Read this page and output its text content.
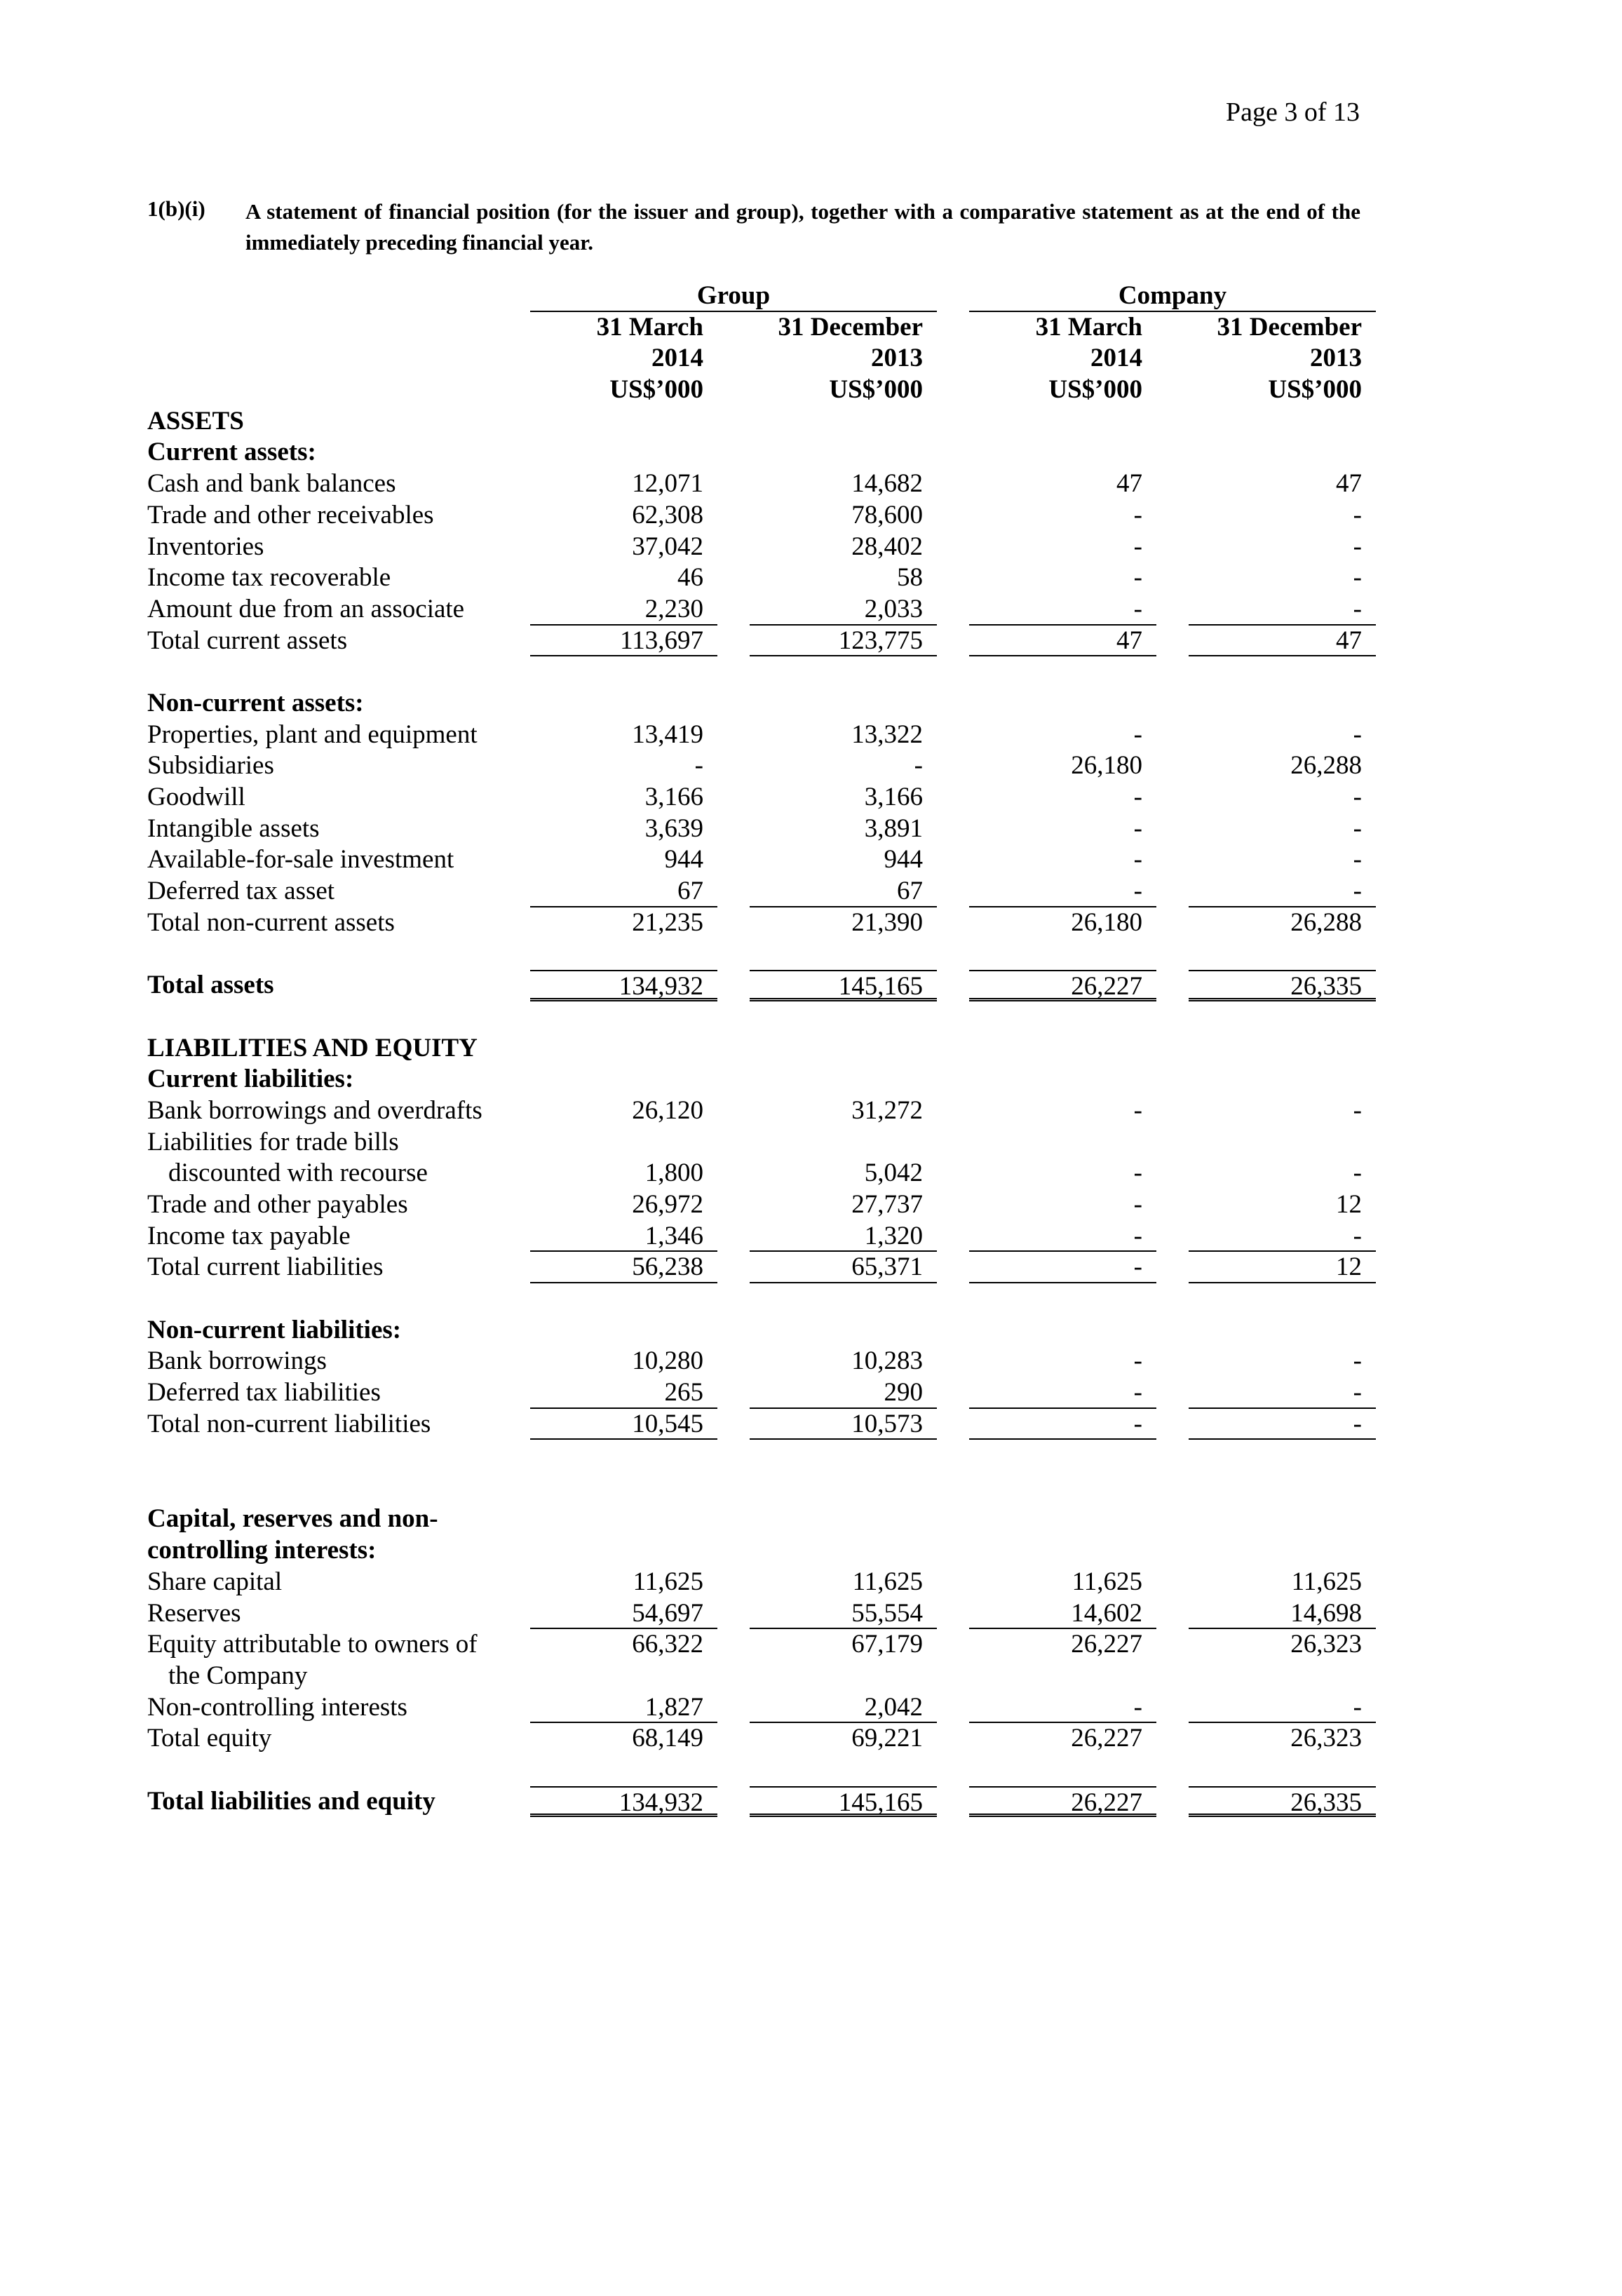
Page 3 of 13
1(b)(i) A statement of financial position (for the issuer and group), together with a comparative statement as at the end of the immediately preceding financial year.
Group	Company
31 March	31 December	31 March	31 December
2014	2013	2014	2013
US$’000	US$’000	US$’000	US$’000
ASSETS
Current assets:
Cash and bank balances	12,071	14,682	47	47
Trade and other receivables	62,308	78,600	-	-
Inventories	37,042	28,402	-	-
Income tax recoverable	46	58	-	-
Amount due from an associate	2,230	2,033	-	-
Total current assets	113,697	123,775	47	47
Non-current assets:
Properties, plant and equipment	13,419	13,322	-	-
Subsidiaries	-	-	26,180	26,288
Goodwill	3,166	3,166	-	-
Intangible assets	3,639	3,891	-	-
Available-for-sale investment	944	944	-	-
Deferred tax asset	67	67	-	-
Total non-current assets	21,235	21,390	26,180	26,288
Total assets	134,932	145,165	26,227	26,335
LIABILITIES AND EQUITY
Current liabilities:
Bank borrowings and overdrafts	26,120	31,272	-	-
Liabilities for trade bills
discounted with recourse	1,800	5,042	-	-
Trade and other payables	26,972	27,737	-	12
Income tax payable	1,346	1,320	-	-
Total current liabilities	56,238	65,371	-	12
Non-current liabilities:
Bank borrowings	10,280	10,283	-	-
Deferred tax liabilities	265	290	-	-
Total non-current liabilities	10,545	10,573	-	-
Capital, reserves and non-
controlling interests:
Share capital	11,625	11,625	11,625	11,625
Reserves	54,697	55,554	14,602	14,698
Equity attributable to owners of	66,322	67,179	26,227	26,323
the Company
Non-controlling interests	1,827	2,042	-	-
Total equity	68,149	69,221	26,227	26,323
Total liabilities and equity	134,932	145,165	26,227	26,335
